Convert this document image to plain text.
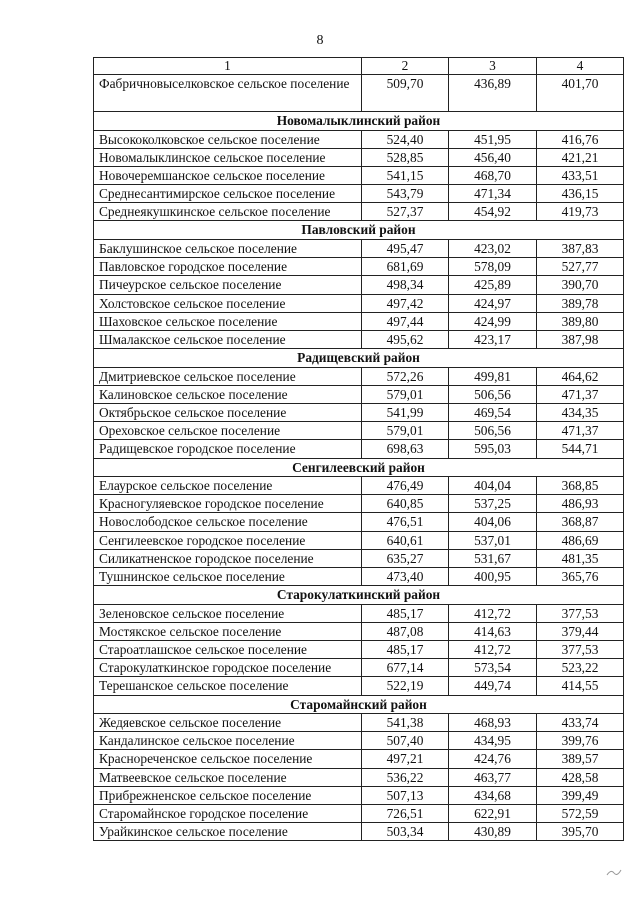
8
1	2	3	4
Фабричновыселковское сельское поселение	509,70	436,89	401,70
Новомалыклинский район			
Высококолковское сельское поселение	524,40	451,95	416,76
Новомалыклинское сельское поселение	528,85	456,40	421,21
Новочеремшанское сельское поселение	541,15	468,70	433,51
Среднесантимирское сельское поселение	543,79	471,34	436,15
Среднеякушкинское сельское поселение	527,37	454,92	419,73
Павловский район			
Баклушинское сельское поселение	495,47	423,02	387,83
Павловское городское поселение	681,69	578,09	527,77
Пичеурское сельское поселение	498,34	425,89	390,70
Холстовское сельское поселение	497,42	424,97	389,78
Шаховское сельское поселение	497,44	424,99	389,80
Шмалакское сельское поселение	495,62	423,17	387,98
Радищевский район			
Дмитриевское сельское поселение	572,26	499,81	464,62
Калиновское сельское поселение	579,01	506,56	471,37
Октябрьское сельское поселение	541,99	469,54	434,35
Ореховское сельское поселение	579,01	506,56	471,37
Радищевское городское поселение	698,63	595,03	544,71
Сенгилеевский район			
Елаурское сельское поселение	476,49	404,04	368,85
Красногуляевское городское поселение	640,85	537,25	486,93
Новослободское сельское поселение	476,51	404,06	368,87
Сенгилеевское городское поселение	640,61	537,01	486,69
Силикатненское городское поселение	635,27	531,67	481,35
Тушнинское сельское поселение	473,40	400,95	365,76
Старокулаткинский район			
Зеленовское сельское поселение	485,17	412,72	377,53
Мостякское сельское поселение	487,08	414,63	379,44
Староатлашское сельское поселение	485,17	412,72	377,53
Старокулаткинское городское поселение	677,14	573,54	523,22
Терешанское сельское поселение	522,19	449,74	414,55
Старомайнский район			
Жедяевское сельское поселение	541,38	468,93	433,74
Кандалинское сельское поселение	507,40	434,95	399,76
Краснореченское сельское поселение	497,21	424,76	389,57
Матвеевское сельское поселение	536,22	463,77	428,58
Прибрежненское сельское поселение	507,13	434,68	399,49
Старомайнское городское поселение	726,51	622,91	572,59
Урайкинское сельское поселение	503,34	430,89	395,70
